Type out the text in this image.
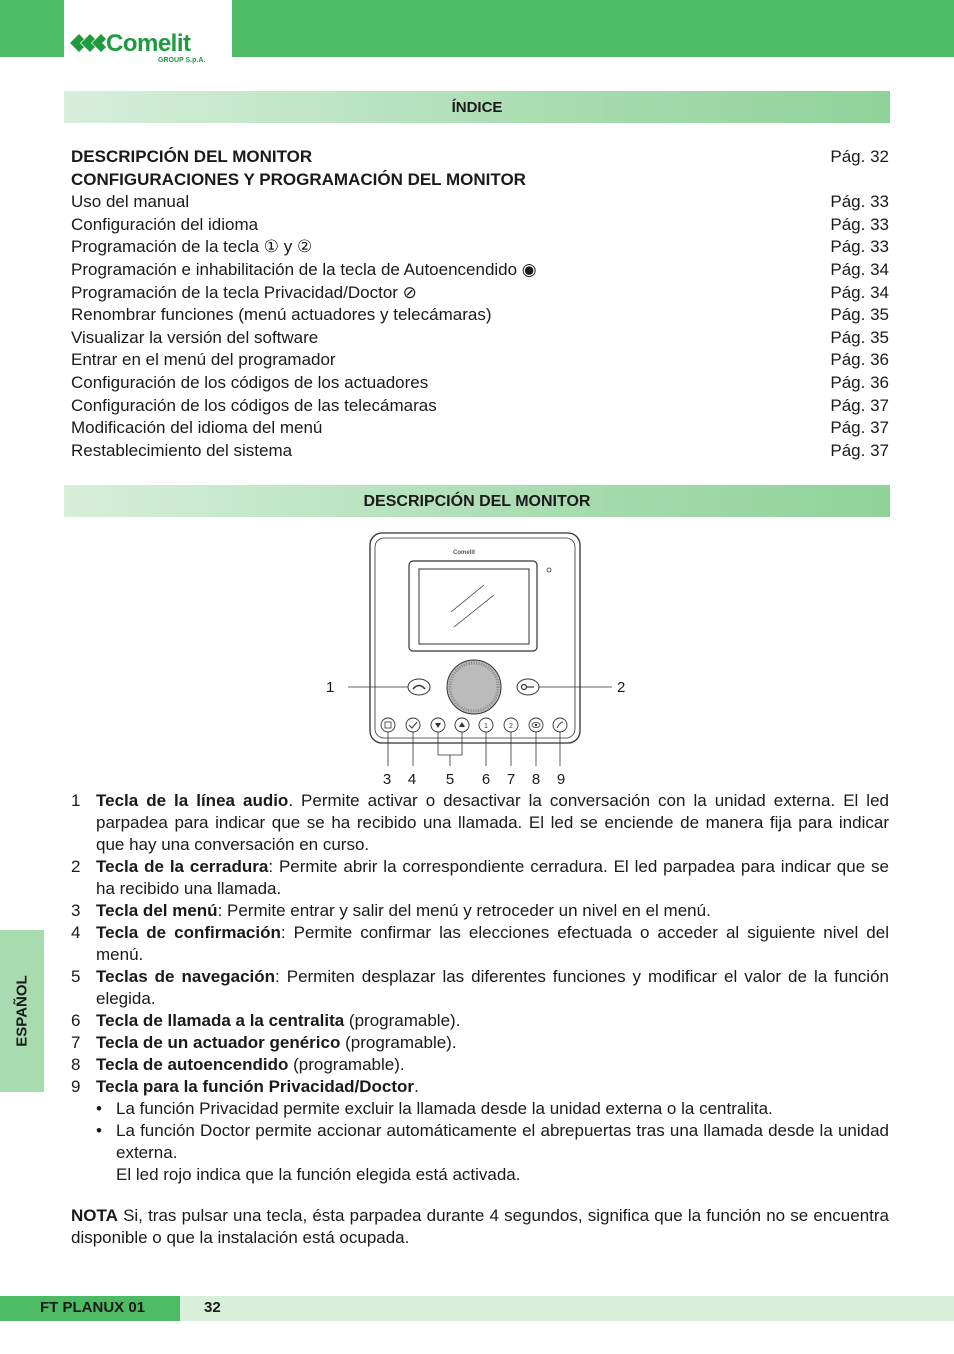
Comelit
GROUP S.p.A.
ÍNDICE
DESCRIPCIÓN DEL MONITOR	Pág. 32
CONFIGURACIONES Y PROGRAMACIÓN DEL MONITOR
Uso del manual	Pág. 33
Configuración del idioma	Pág. 33
Programación de la tecla ① y ②	Pág. 33
Programación e inhabilitación de la tecla de Autoencendido ◉	Pág. 34
Programación de la tecla Privacidad/Doctor ⊘	Pág. 34
Renombrar funciones (menú actuadores y telecámaras)	Pág. 35
Visualizar la versión del software	Pág. 35
Entrar en el menú del programador	Pág. 36
Configuración de los códigos de los actuadores	Pág. 36
Configuración de los códigos de las telecámaras	Pág. 37
Modificación del idioma del menú	Pág. 37
Restablecimiento del sistema	Pág. 37
DESCRIPCIÓN DEL MONITOR
Comelit
1	2
1	2
3 4 5 6 7 8 9
1 Tecla de la línea audio. Permite activar o desactivar la conversación con la unidad externa. El led parpadea para indicar que se ha recibido una llamada. El led se enciende de manera fija para indicar que hay una conversación en curso.
2 Tecla de la cerradura: Permite abrir la correspondiente cerradura. El led parpadea para indicar que se ha recibido una llamada.
3 Tecla del menú: Permite entrar y salir del menú y retroceder un nivel en el menú.
4 Tecla de confirmación: Permite confirmar las elecciones efectuada o acceder al siguiente nivel del menú.
5 Teclas de navegación: Permiten desplazar las diferentes funciones y modificar el valor de la función elegida.
6 Tecla de llamada a la centralita (programable).
7 Tecla de un actuador genérico (programable).
8 Tecla de autoencendido (programable).
9 Tecla para la función Privacidad/Doctor.
• La función Privacidad permite excluir la llamada desde la unidad externa o la centralita.
• La función Doctor permite accionar automáticamente el abrepuertas tras una llamada desde la unidad externa.
El led rojo indica que la función elegida está activada.
NOTA Si, tras pulsar una tecla, ésta parpadea durante 4 segundos, significa que la función no se encuentra disponible o que la instalación está ocupada.
ESPAÑOL
FT PLANUX 01	32
